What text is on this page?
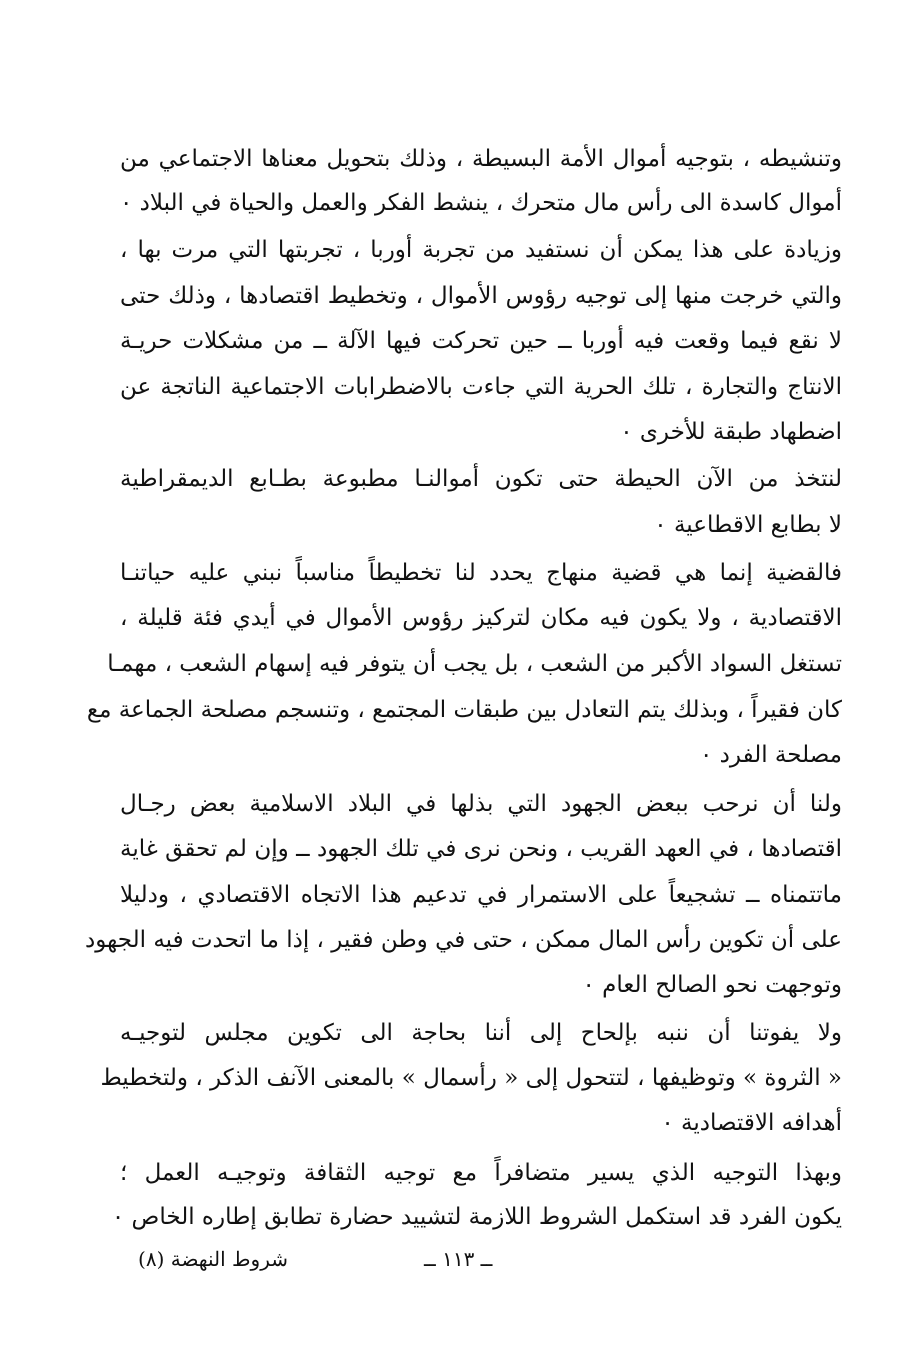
وتنشيطه ، بتوجيه أموال الأمة البسيطة ، وذلك بتحويل معناها الاجتماعي من
أموال كاسدة الى رأس مال متحرك ، ينشط الفكر والعمل والحياة في البلاد ٠
وزيادة على هذا يمكن أن نستفيد من تجربة أوربا ، تجربتها التي مرت بها ،
والتي خرجت منها إلى توجيه رؤوس الأموال ، وتخطيط اقتصادها ، وذلك حتى
لا نقع فيما وقعت فيه أوربا ــ حين تحركت فيها الآلة ــ من مشكلات حريـة
الانتاج والتجارة ، تلك الحرية التي جاءت بالاضطرابات الاجتماعية الناتجة عن
اضطهاد طبقة للأخرى ٠
لنتخذ من الآن الحيطة حتى تكون أموالنـا مطبوعة بطـابع الديمقراطية
لا بطابع الاقطاعية ٠
فالقضية إنما هي قضية منهاج يحدد لنا تخطيطاً مناسباً نبني عليه حياتنـا
الاقتصادية ، ولا يكون فيه مكان لتركيز رؤوس الأموال في أيدي فئة قليلة ،
تستغل السواد الأكبر من الشعب ، بل يجب أن يتوفر فيه إسهام الشعب ، مهمـا
كان فقيراً ، وبذلك يتم التعادل بين طبقات المجتمع ، وتنسجم مصلحة الجماعة مع
مصلحة الفرد ٠
ولنا أن نرحب ببعض الجهود التي بذلها في البلاد الاسلامية بعض رجـال
اقتصادها ، في العهد القريب ، ونحن نرى في تلك الجهود ــ وإن لم تحقق غاية
ماتتمناه ــ تشجيعاً على الاستمرار في تدعيم هذا الاتجاه الاقتصادي ، ودليلا
على أن تكوين رأس المال ممكن ، حتى في وطن فقير ، إذا ما اتحدت فيه الجهود
وتوجهت نحو الصالح العام ٠
ولا يفوتنا أن ننبه بإلحاح إلى أننا بحاجة الى تكوين مجلس لتوجيـه
« الثروة » وتوظيفها ، لتتحول إلى « رأسمال » بالمعنى الآنف الذكر ، ولتخطيط
أهدافه الاقتصادية ٠
وبهذا التوجيه الذي يسير متضافراً مع توجيه الثقافة وتوجيـه العمل ؛
يكون الفرد قد استكمل الشروط اللازمة لتشييد حضارة تطابق إطاره الخاص ٠
شروط النهضة (٨)	ــ ١١٣ ــ
